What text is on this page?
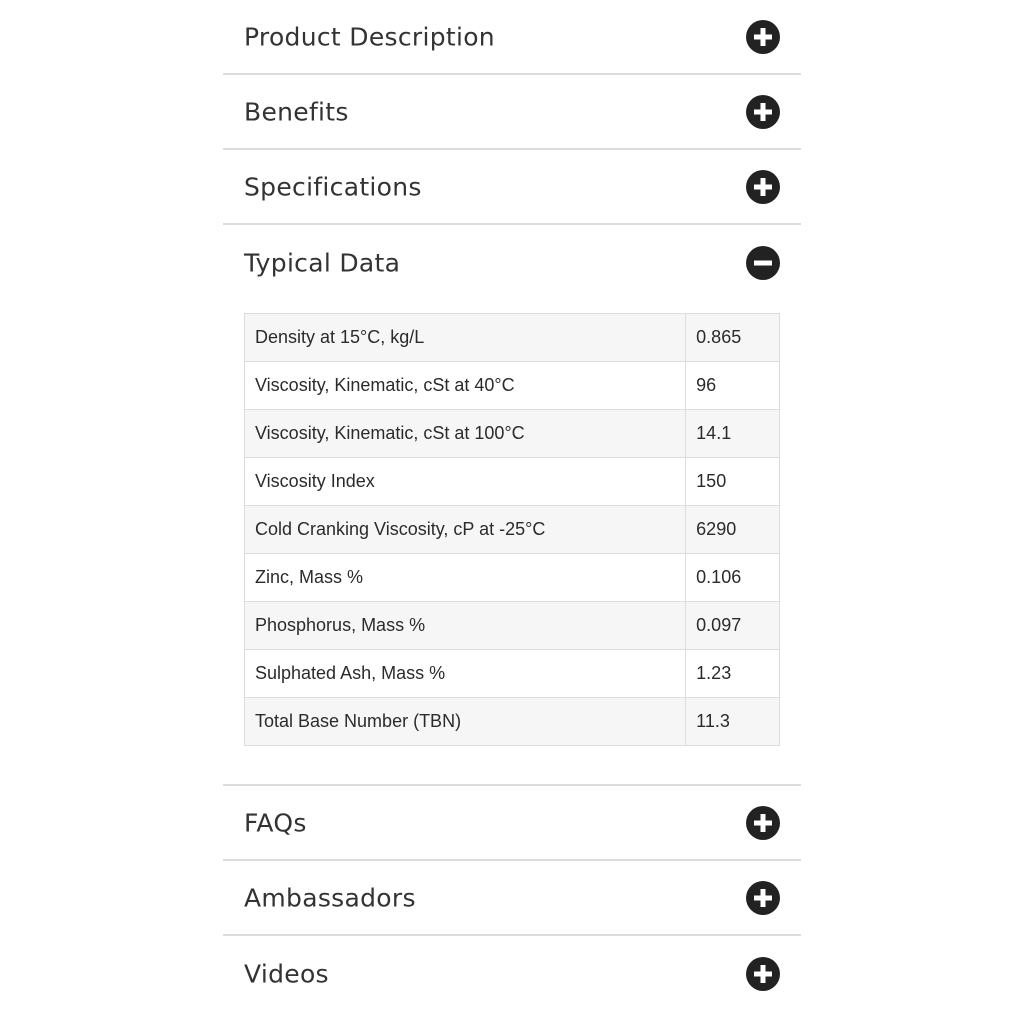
Product Description
Benefits
Specifications
Typical Data
Density at 15°C, kg/L	0.865
Viscosity, Kinematic, cSt at 40°C	96
Viscosity, Kinematic, cSt at 100°C	14.1
Viscosity Index	150
Cold Cranking Viscosity, cP at -25°C	6290
Zinc, Mass %	0.106
Phosphorus, Mass %	0.097
Sulphated Ash, Mass %	1.23
Total Base Number (TBN)	11.3
FAQs
Ambassadors
Videos
